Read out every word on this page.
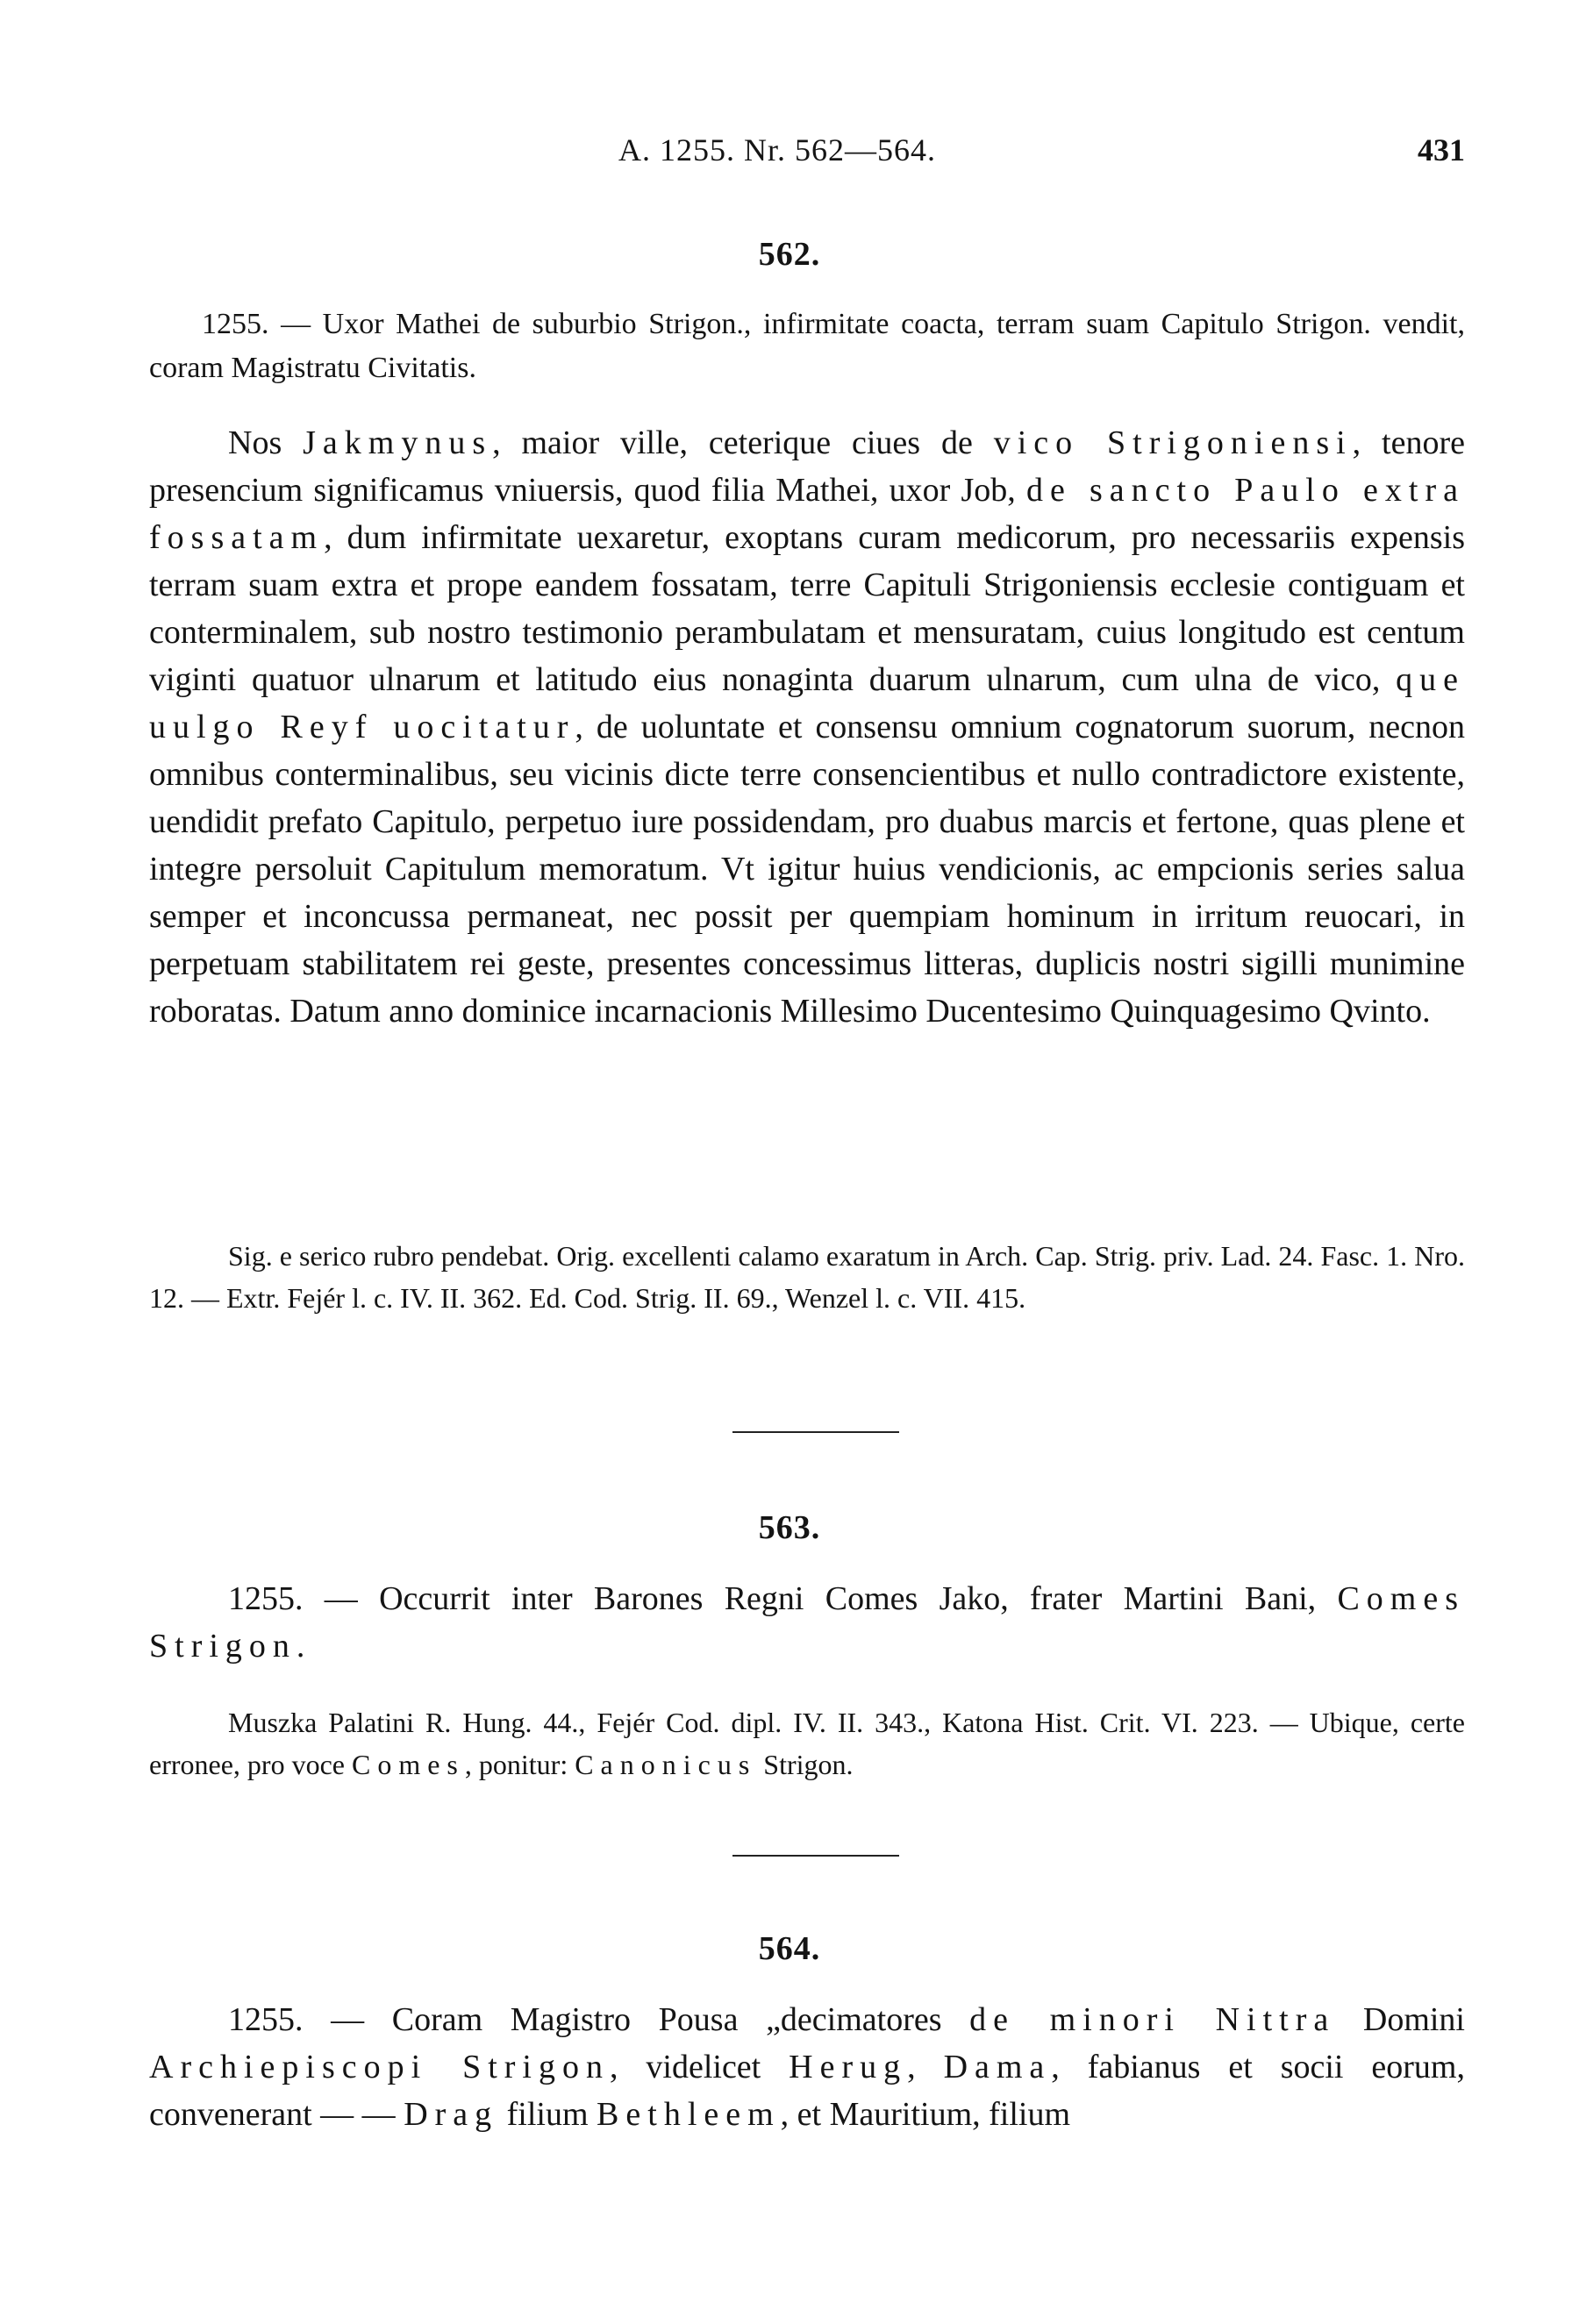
A. 1255. Nr. 562—564.	431
562.
1255. — Uxor Mathei de suburbio Strigon., infirmitate coacta, terram suam Capitulo Strigon. vendit, coram Magistratu Civitatis.
Nos Jakmynus, maior ville, ceterique ciues de vico Strigoniensi, tenore presencium significamus vniuersis, quod filia Mathei, uxor Job, de sancto Paulo extra fossatam, dum infirmitate uexaretur, exoptans curam medicorum, pro necessariis expensis terram suam extra et prope eandem fossatam, terre Capituli Strigoniensis ecclesie contiguam et conterminalem, sub nostro testimonio perambulatam et mensuratam, cuius longitudo est centum viginti quatuor ulnarum et latitudo eius nonaginta duarum ulnarum, cum ulna de vico, que uulgo Reyf uocitatur, de uoluntate et consensu omnium cognatorum suorum, necnon omnibus conterminalibus, seu vicinis dicte terre consencientibus et nullo contradictore existente, uendidit prefato Capitulo, perpetuo iure possidendam, pro duabus marcis et fertone, quas plene et integre persoluit Capitulum memoratum. Vt igitur huius vendicionis, ac empcionis series salua semper et inconcussa permaneat, nec possit per quempiam hominum in irritum reuocari, in perpetuam stabilitatem rei geste, presentes concessimus litteras, duplicis nostri sigilli munimine roboratas. Datum anno dominice incarnacionis Millesimo Ducentesimo Quinquagesimo Qvinto.
Sig. e serico rubro pendebat. Orig. excellenti calamo exaratum in Arch. Cap. Strig. priv. Lad. 24. Fasc. 1. Nro. 12. — Extr. Fejér l. c. IV. II. 362. Ed. Cod. Strig. II. 69., Wenzel l. c. VII. 415.
563.
1255. — Occurrit inter Barones Regni Comes Jako, frater Martini Bani, Comes Strigon.
Muszka Palatini R. Hung. 44., Fejér Cod. dipl. IV. II. 343., Katona Hist. Crit. VI. 223. — Ubique, certe erronee, pro voce Comes, ponitur: Canonicus Strigon.
564.
1255. — Coram Magistro Pousa „decimatores de minori Nittra Domini Archiepiscopi Strigon, videlicet Herug, Dama, fabianus et socii eorum, convenerant — — Drag filium Bethleem, et Mauritium, filium
